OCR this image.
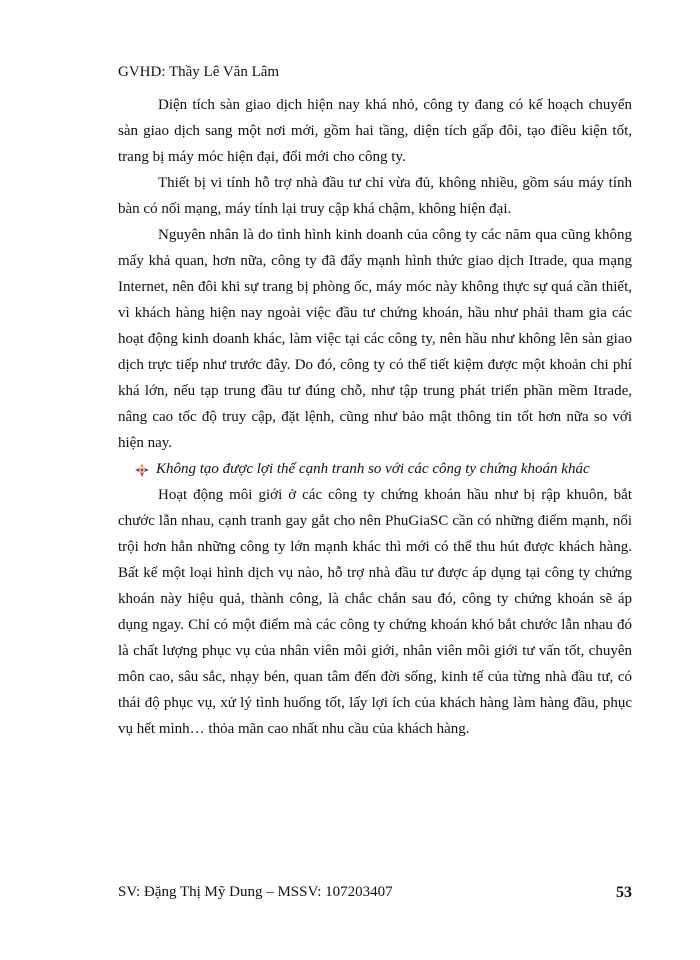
GVHD: Thầy Lê Văn Lâm

Diện tích sàn giao dịch hiện nay khá nhỏ, công ty đang có kế hoạch chuyển sàn giao dịch sang một nơi mới, gồm hai tầng, diện tích gấp đôi, tạo điều kiện tốt, trang bị máy móc hiện đại, đổi mới cho công ty.

Thiết bị vi tính hỗ trợ nhà đầu tư chỉ vừa đủ, không nhiều, gồm sáu máy tính bàn có nối mạng, máy tính lại truy cập khá chậm, không hiện đại.

Nguyên nhân là do tình hình kinh doanh của công ty các năm qua cũng không mấy khả quan, hơn nữa, công ty đã đẩy mạnh hình thức giao dịch Itrade, qua mạng Internet, nên đôi khi sự trang bị phòng ốc, máy móc này không thực sự quá cần thiết, vì khách hàng hiện nay ngoài việc đầu tư chứng khoán, hầu như phải tham gia các hoạt động kinh doanh khác, làm việc tại các công ty, nên hầu như không lên sàn giao dịch trực tiếp như trước đây. Do đó, công ty có thể tiết kiệm được một khoản chi phí khá lớn, nếu tạp trung đầu tư đúng chỗ, như tập trung phát triển phần mềm Itrade, nâng cao tốc độ truy cập, đặt lệnh, cũng như bảo mật thông tin tốt hơn nữa so với hiện nay.

Không tạo được lợi thế cạnh tranh so với các công ty chứng khoán khác

Hoạt động môi giới ở các công ty chứng khoán hầu như bị rập khuôn, bắt chước lẫn nhau, cạnh tranh gay gắt cho nên PhuGiaSC cần có những điểm mạnh, nổi trội hơn hẳn những công ty lớn mạnh khác thì mới có thể thu hút được khách hàng. Bất kể một loại hình dịch vụ nào, hỗ trợ nhà đầu tư được áp dụng tại công ty chứng khoán này hiệu quả, thành công, là chắc chắn sau đó, công ty chứng khoán sẽ áp dụng ngay. Chỉ có một điểm mà các công ty chứng khoán khó bắt chước lẫn nhau đó là chất lượng phục vụ của nhân viên môi giới, nhân viên môi giới tư vấn tốt, chuyên môn cao, sâu sắc, nhạy bén, quan tâm đến đời sống, kinh tế của từng nhà đầu tư, có thái độ phục vụ, xử lý tình huống tốt, lấy lợi ích của khách hàng làm hàng đầu, phục vụ hết mình… thỏa mãn cao nhất nhu cầu của khách hàng.

SV: Đặng Thị Mỹ Dung – MSSV: 107203407	53
